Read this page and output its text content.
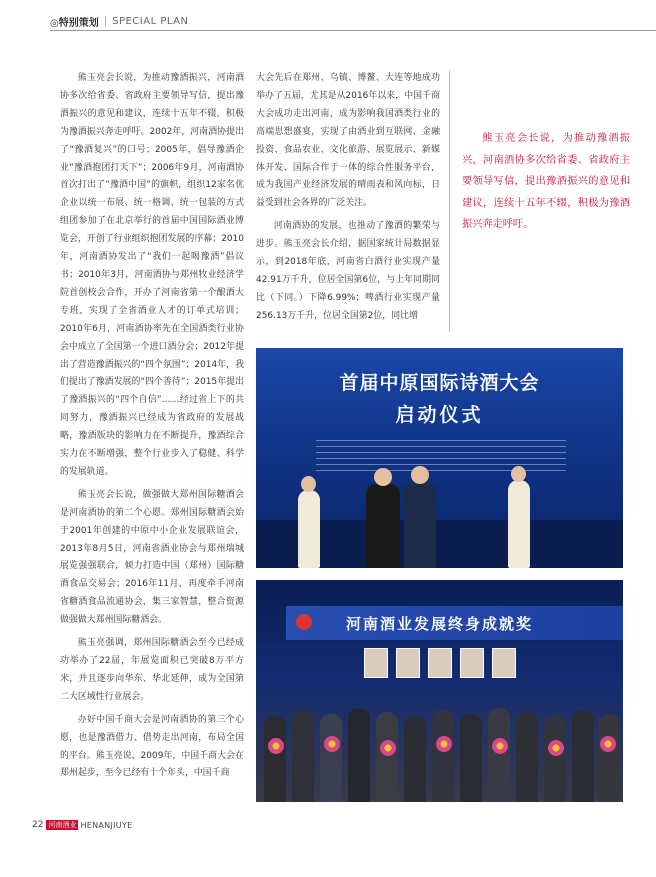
◎特别策划 | SPECIAL PLAN

熊玉亮会长说，为推动豫酒振兴，河南酒协多次给省委、省政府主要领导写信，提出豫酒振兴的意见和建议，连续十五年不辍，积极为豫酒振兴奔走呼吁。2002年，河南酒协提出了“豫酒复兴”的口号；2005年，倡导豫酒企业“豫酒抱团打天下”；2006年9月，河南酒协首次打出了“豫酒中国”的旗帜，组织12家名优企业以统一布展、统一格调、统一包装的方式组团参加了在北京举行的首届中国国际酒业博览会，开创了行业组织抱团发展的序幕；2010年，河南酒协发出了“我们一起喝豫酒”倡议书；2010年3月，河南酒协与郑州牧业经济学院首创校会合作，开办了河南省第一个酿酒大专班，实现了全省酒业人才的订单式培训；2010年6月，河南酒协率先在全国酒类行业协会中成立了全国第一个进口酒分会；2012年提出了营造豫酒振兴的“四个氛围”；2014年，我们提出了豫酒发展的“四个善待”；2015年提出了豫酒振兴的“四个自信”……经过省上下的共同努力，豫酒振兴已经成为省政府的发展战略，豫酒版块的影响力在不断提升，豫酒综合实力在不断增强，整个行业步入了稳健、科学的发展轨道。

熊玉亮会长说，做强做大郑州国际糖酒会是河南酒协的第二个心愿。郑州国际糖酒会始于2001年创建的中原中小企业发展联谊会，2013年8月5日，河南省酒业协会与郑州瑞城展览强强联合，倾力打造中国（郑州）国际糖酒食品交易会；2016年11月，再度牵手河南省糖酒食品流通协会，集三家智慧，整合资源做强做大郑州国际糖酒会。

熊玉亮强调，郑州国际糖酒会至今已经成功举办了22届，年展览面积已突破8万平方米，并且逐步向华东、华北延伸，成为全国第二大区域性行业展会。

办好中国千商大会是河南酒协的第三个心愿，也是豫酒借力、借势走出河南，布局全国的平台。熊玉亮说，2009年，中国千商大会在郑州起步，至今已经有十个年头，中国千商

大会先后在郑州、乌镇、博鳌、大连等地成功举办了五届，尤其是从2016年以来，中国千商大会成功走出河南，成为影响我国酒类行业的高端思想盛宴，实现了由酒业到互联网、金融投资、食品农业、文化旅游、展览展示、新媒体开发、国际合作于一体的综合性服务平台，成为我国产业经济发展的晴雨表和风向标，日益受到社会各界的广泛关注。

河南酒协的发展，也推动了豫酒的繁荣与进步。熊玉亮会长介绍，据国家统计局数据显示，到2018年底，河南省白酒行业实现产量42.91万千升，位居全国第6位，与上年同期同比（下同。）下降6.99%；啤酒行业实现产量256.13万千升，位居全国第2位，同比增

熊玉亮会长说，为推动豫酒振兴，河南酒协多次给省委、省政府主要领导写信，提出豫酒振兴的意见和建议，连续十五年不辍，积极为豫酒振兴奔走呼吁。

首届中原国际诗酒大会
启动仪式
河南酒业发展终身成就奖
22 河南酒业 HENANJIUYE
